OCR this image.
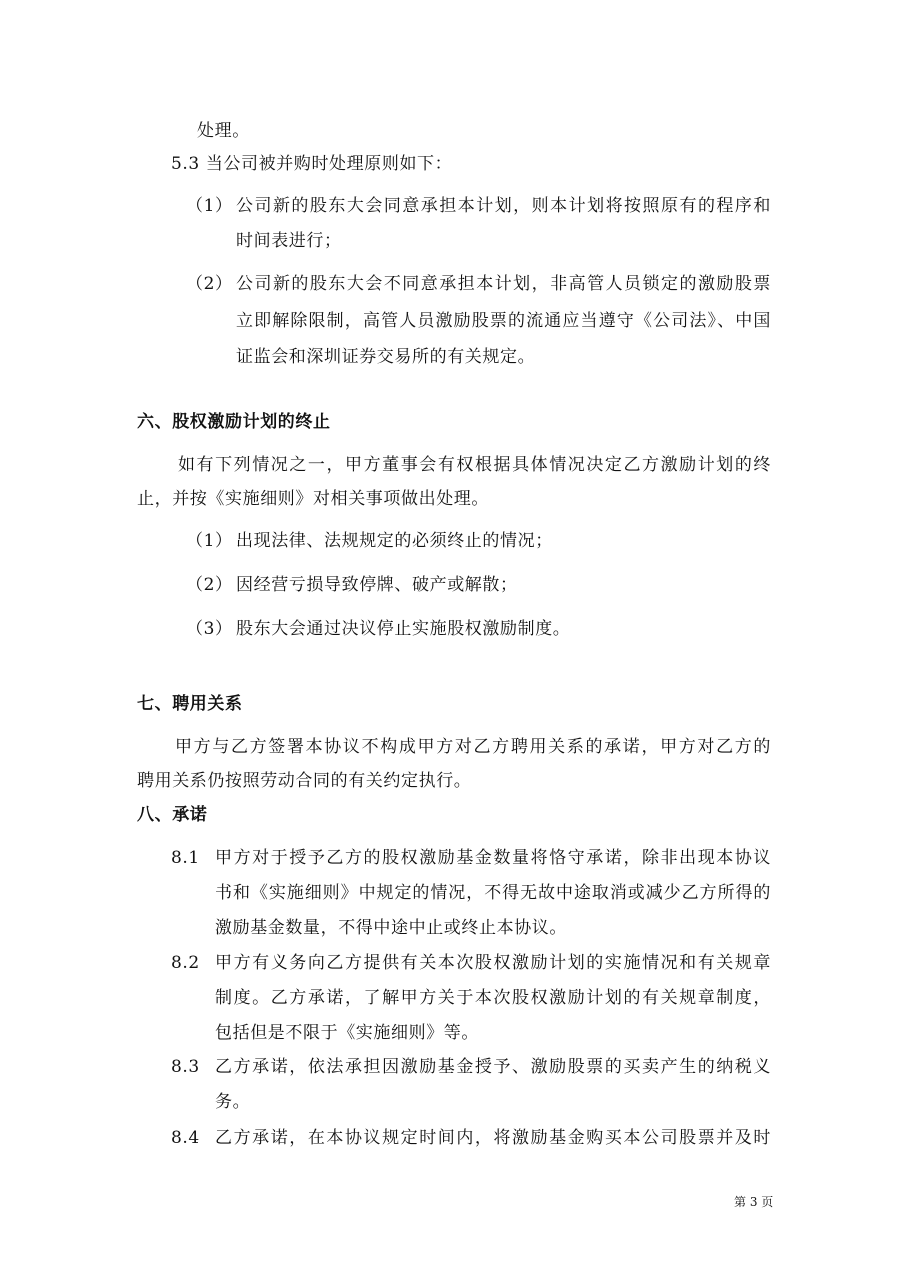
处理。
5.3 当公司被并购时处理原则如下：
（1） 公司新的股东大会同意承担本计划，则本计划将按照原有的程序和
时间表进行；
（2） 公司新的股东大会不同意承担本计划，非高管人员锁定的激励股票
立即解除限制，高管人员激励股票的流通应当遵守《公司法》、中国
证监会和深圳证券交易所的有关规定。
六、股权激励计划的终止
如有下列情况之一，甲方董事会有权根据具体情况决定乙方激励计划的终
止，并按《实施细则》对相关事项做出处理。
（1） 出现法律、法规规定的必须终止的情况；
（2） 因经营亏损导致停牌、破产或解散；
（3） 股东大会通过决议停止实施股权激励制度。
七、聘用关系
甲方与乙方签署本协议不构成甲方对乙方聘用关系的承诺，甲方对乙方的
聘用关系仍按照劳动合同的有关约定执行。
八、承诺
8.1 甲方对于授予乙方的股权激励基金数量将恪守承诺，除非出现本协议
书和《实施细则》中规定的情况，不得无故中途取消或减少乙方所得的
激励基金数量，不得中途中止或终止本协议。
8.2 甲方有义务向乙方提供有关本次股权激励计划的实施情况和有关规章
制度。乙方承诺，了解甲方关于本次股权激励计划的有关规章制度，
包括但是不限于《实施细则》等。
8.3 乙方承诺，依法承担因激励基金授予、激励股票的买卖产生的纳税义
务。
8.4 乙方承诺，在本协议规定时间内，将激励基金购买本公司股票并及时
第 3 页
